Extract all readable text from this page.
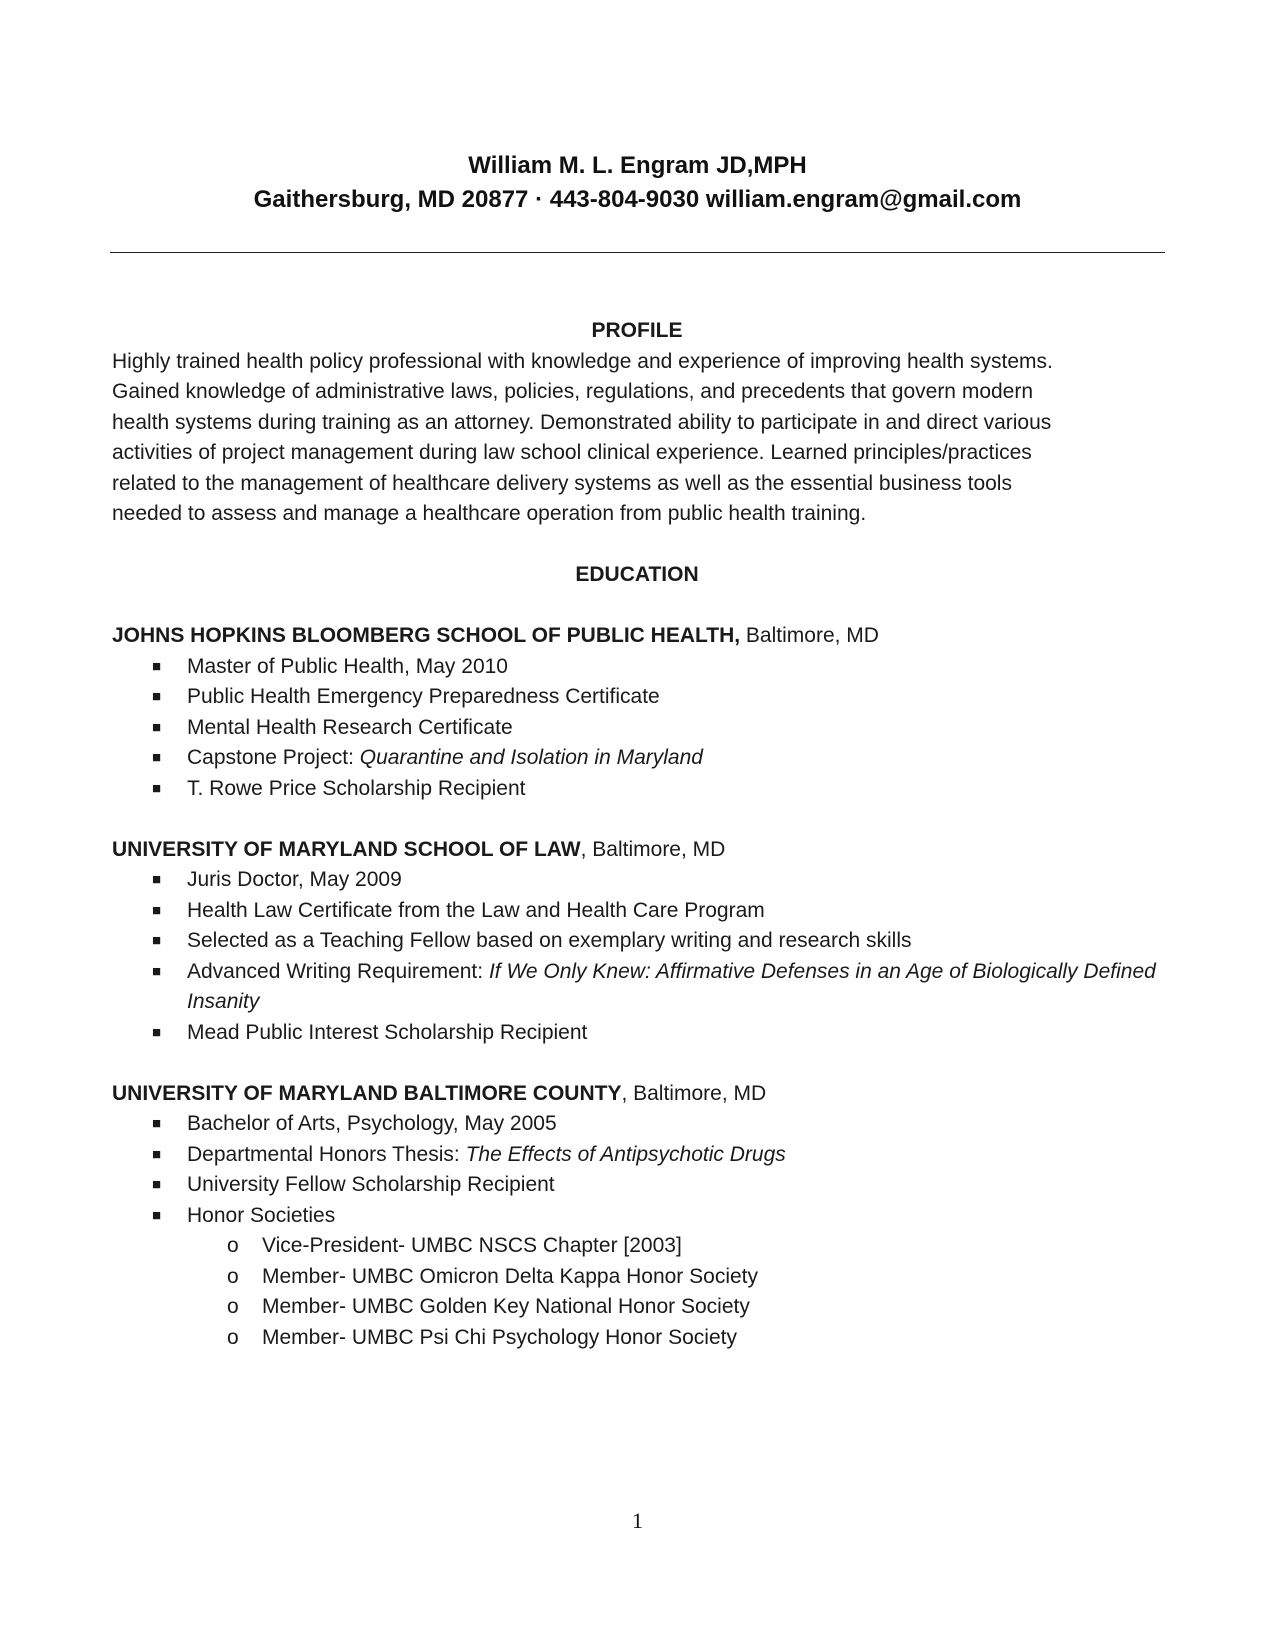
William M. L. Engram JD,MPH
Gaithersburg, MD 20877 · 443-804-9030 william.engram@gmail.com

PROFILE

Highly trained health policy professional with knowledge and experience of improving health systems.
Gained knowledge of administrative laws, policies, regulations, and precedents that govern modern
health systems during training as an attorney. Demonstrated ability to participate in and direct various
activities of project management during law school clinical experience. Learned principles/practices
related to the management of healthcare delivery systems as well as the essential business tools
needed to assess and manage a healthcare operation from public health training.

EDUCATION

JOHNS HOPKINS BLOOMBERG SCHOOL OF PUBLIC HEALTH, Baltimore, MD

■ Master of Public Health, May 2010
■ Public Health Emergency Preparedness Certificate
■ Mental Health Research Certificate
■ Capstone Project: Quarantine and Isolation in Maryland
■ T. Rowe Price Scholarship Recipient

UNIVERSITY OF MARYLAND SCHOOL OF LAW, Baltimore, MD

■ Juris Doctor, May 2009
■ Health Law Certificate from the Law and Health Care Program
■ Selected as a Teaching Fellow based on exemplary writing and research skills
■ Advanced Writing Requirement: If We Only Knew: Affirmative Defenses in an Age of Biologically Defined Insanity
■ Mead Public Interest Scholarship Recipient

UNIVERSITY OF MARYLAND BALTIMORE COUNTY, Baltimore, MD

■ Bachelor of Arts, Psychology, May 2005
■ Departmental Honors Thesis: The Effects of Antipsychotic Drugs
■ University Fellow Scholarship Recipient
■ Honor Societies
o Vice-President- UMBC NSCS Chapter [2003]
o Member- UMBC Omicron Delta Kappa Honor Society
o Member- UMBC Golden Key National Honor Society
o Member- UMBC Psi Chi Psychology Honor Society
1
